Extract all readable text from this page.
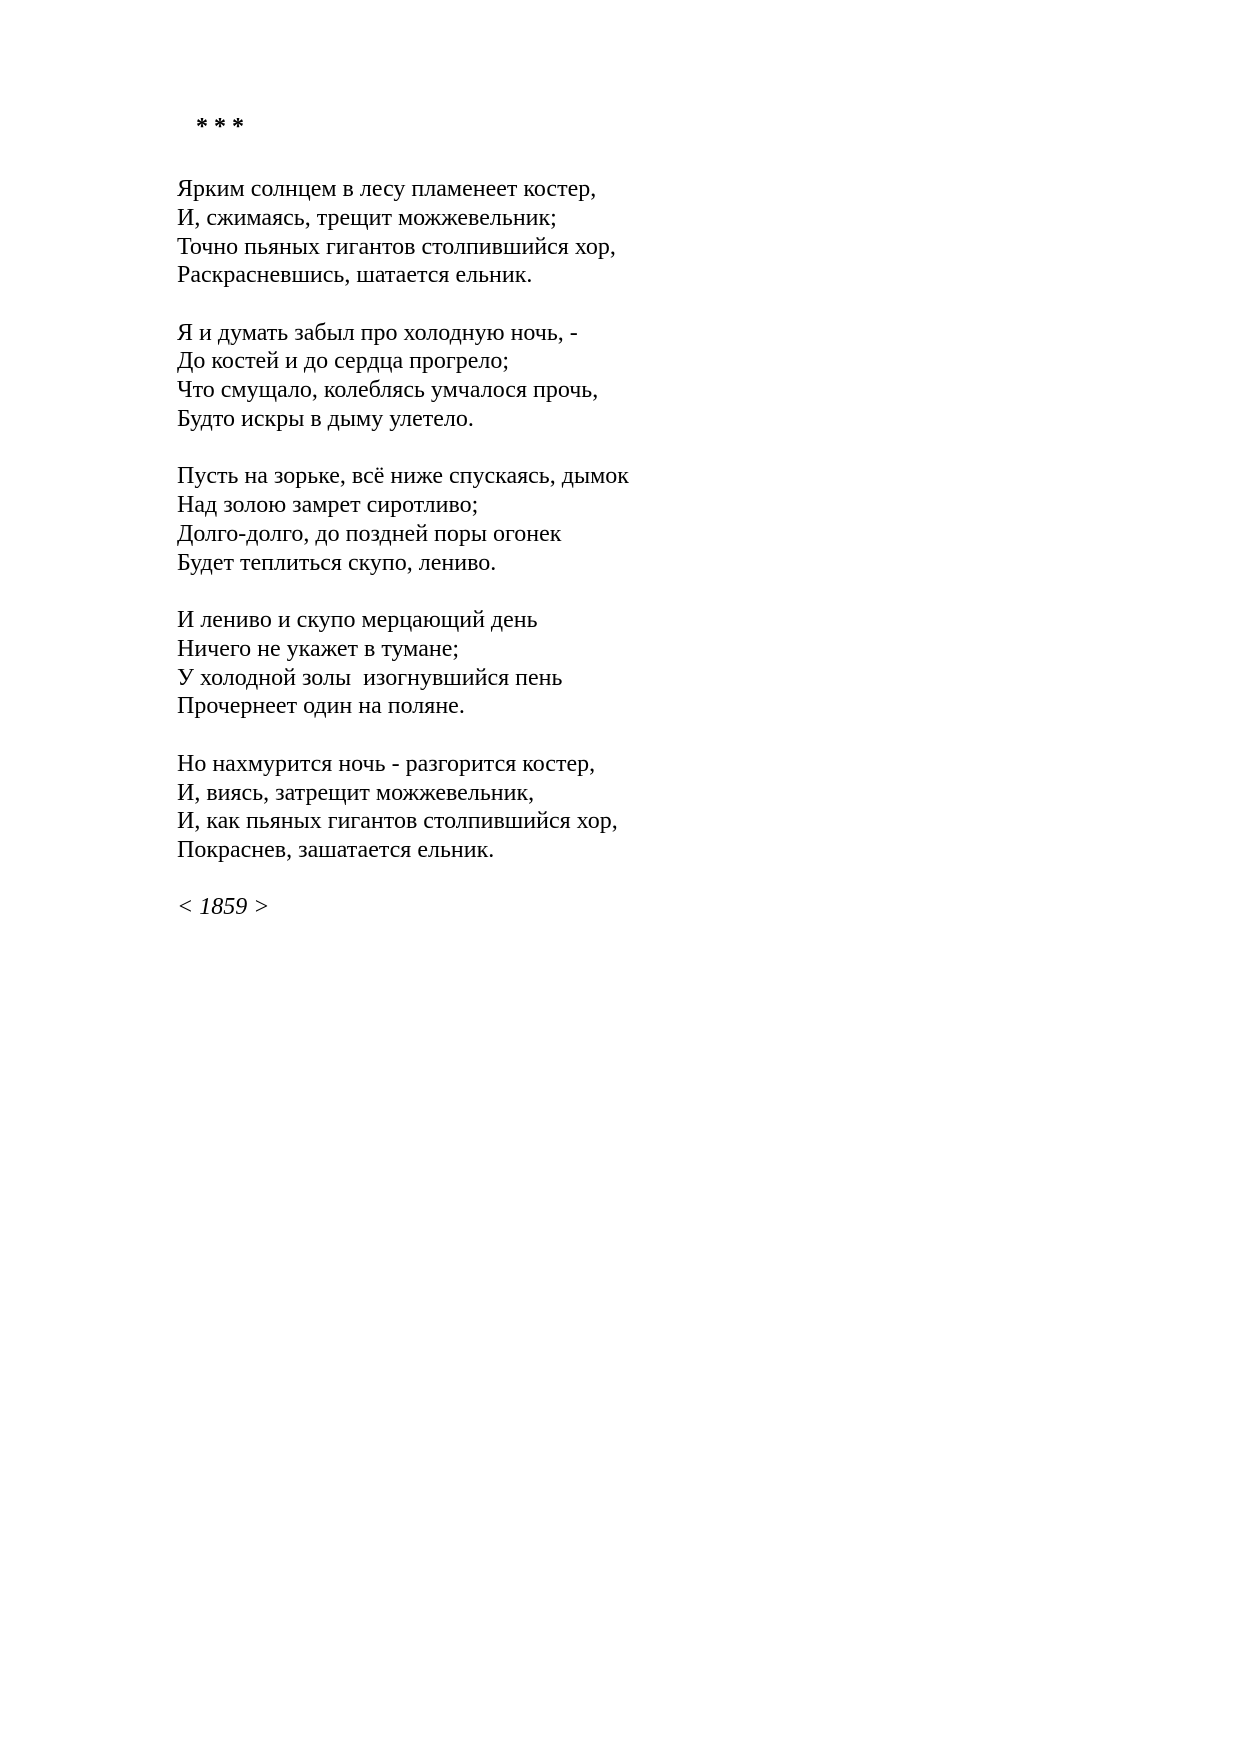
* * *
Ярким солнцем в лесу пламенеет костер,
И, сжимаясь, трещит можжевельник;
Точно пьяных гигантов столпившийся хор,
Раскрасневшись, шатается ельник.
Я и думать забыл про холодную ночь, -
До костей и до сердца прогрело;
Что смущало, колеблясь умчалося прочь,
Будто искры в дыму улетело.
Пусть на зорьке, всё ниже спускаясь, дымок
Над золою замрет сиротливо;
Долго-долго, до поздней поры огонек
Будет теплиться скупо, лениво.
И лениво и скупо мерцающий день
Ничего не укажет в тумане;
У холодной золы  изогнувшийся пень
Прочернеет один на поляне.
Но нахмурится ночь - разгорится костер,
И, виясь, затрещит можжевельник,
И, как пьяных гигантов столпившийся хор,
Покраснев, зашатается ельник.
< 1859 >
